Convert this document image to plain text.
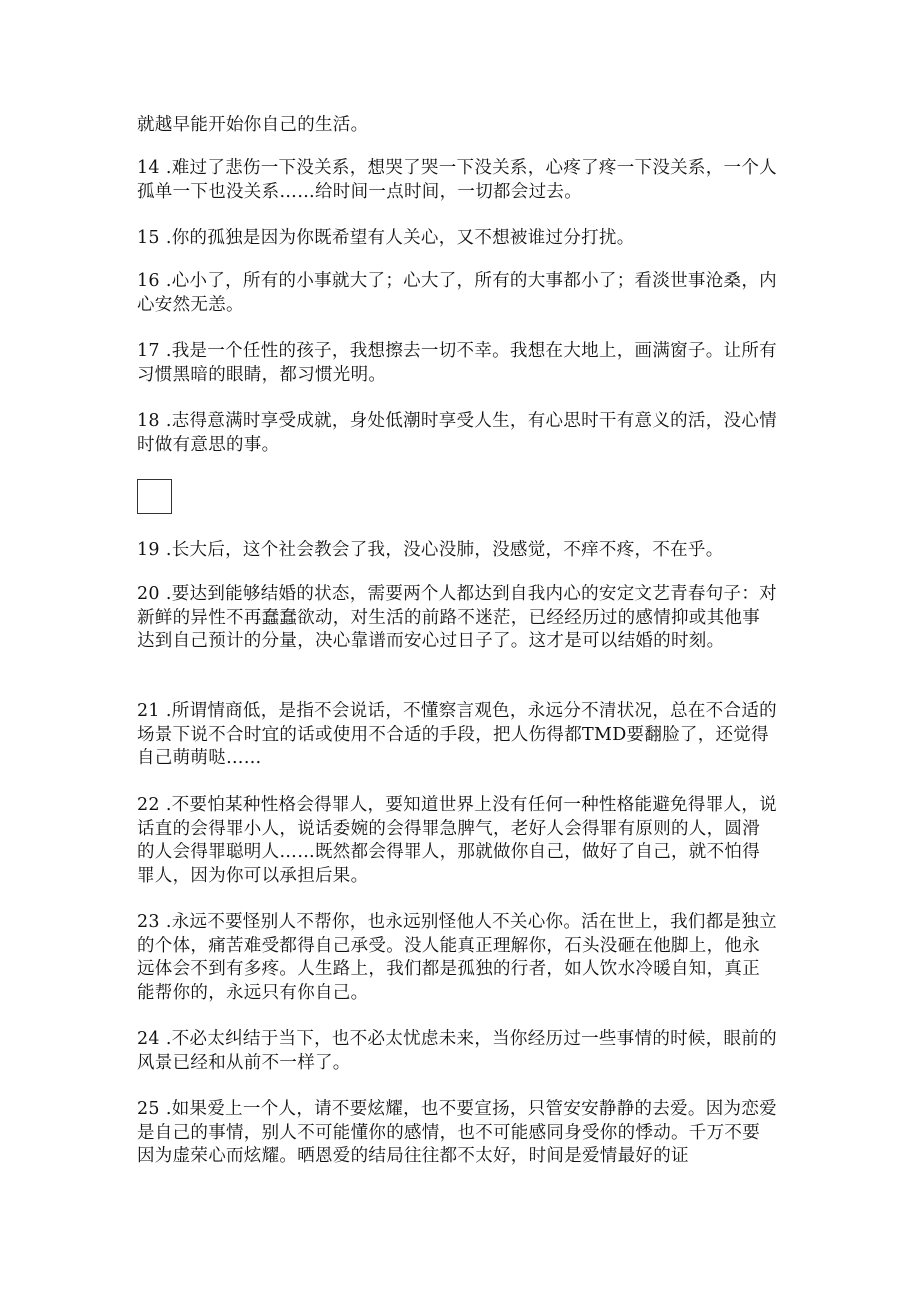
就越早能开始你自己的生活。

14 .难过了悲伤一下没关系，想哭了哭一下没关系，心疼了疼一下没关系，一个人孤单一下也没关系……给时间一点时间，一切都会过去。

15 .你的孤独是因为你既希望有人关心，又不想被谁过分打扰。

16 .心小了，所有的小事就大了；心大了，所有的大事都小了；看淡世事沧桑，内心安然无恙。

17 .我是一个任性的孩子，我想擦去一切不幸。我想在大地上，画满窗子。让所有习惯黑暗的眼睛，都习惯光明。

18 .志得意满时享受成就，身处低潮时享受人生，有心思时干有意义的活，没心情时做有意思的事。

19 .长大后，这个社会教会了我，没心没肺，没感觉，不痒不疼，不在乎。

20 .要达到能够结婚的状态，需要两个人都达到自我内心的安定文艺青春句子：对新鲜的异性不再蠢蠢欲动，对生活的前路不迷茫，已经经历过的感情抑或其他事达到自己预计的分量，决心靠谱而安心过日子了。这才是可以结婚的时刻。

21 .所谓情商低，是指不会说话，不懂察言观色，永远分不清状况，总在不合适的场景下说不合时宜的话或使用不合适的手段，把人伤得都TMD要翻脸了，还觉得自己萌萌哒……

22 .不要怕某种性格会得罪人，要知道世界上没有任何一种性格能避免得罪人，说话直的会得罪小人，说话委婉的会得罪急脾气，老好人会得罪有原则的人，圆滑的人会得罪聪明人……既然都会得罪人，那就做你自己，做好了自己，就不怕得罪人，因为你可以承担后果。

23 .永远不要怪别人不帮你，也永远别怪他人不关心你。活在世上，我们都是独立的个体，痛苦难受都得自己承受。没人能真正理解你，石头没砸在他脚上，他永远体会不到有多疼。人生路上，我们都是孤独的行者，如人饮水冷暖自知，真正能帮你的，永远只有你自己。

24 .不必太纠结于当下，也不必太忧虑未来，当你经历过一些事情的时候，眼前的风景已经和从前不一样了。

25 .如果爱上一个人，请不要炫耀，也不要宣扬，只管安安静静的去爱。因为恋爱是自己的事情，别人不可能懂你的感情，也不可能感同身受你的悸动。千万不要因为虚荣心而炫耀。晒恩爱的结局往往都不太好，时间是爱情最好的证
